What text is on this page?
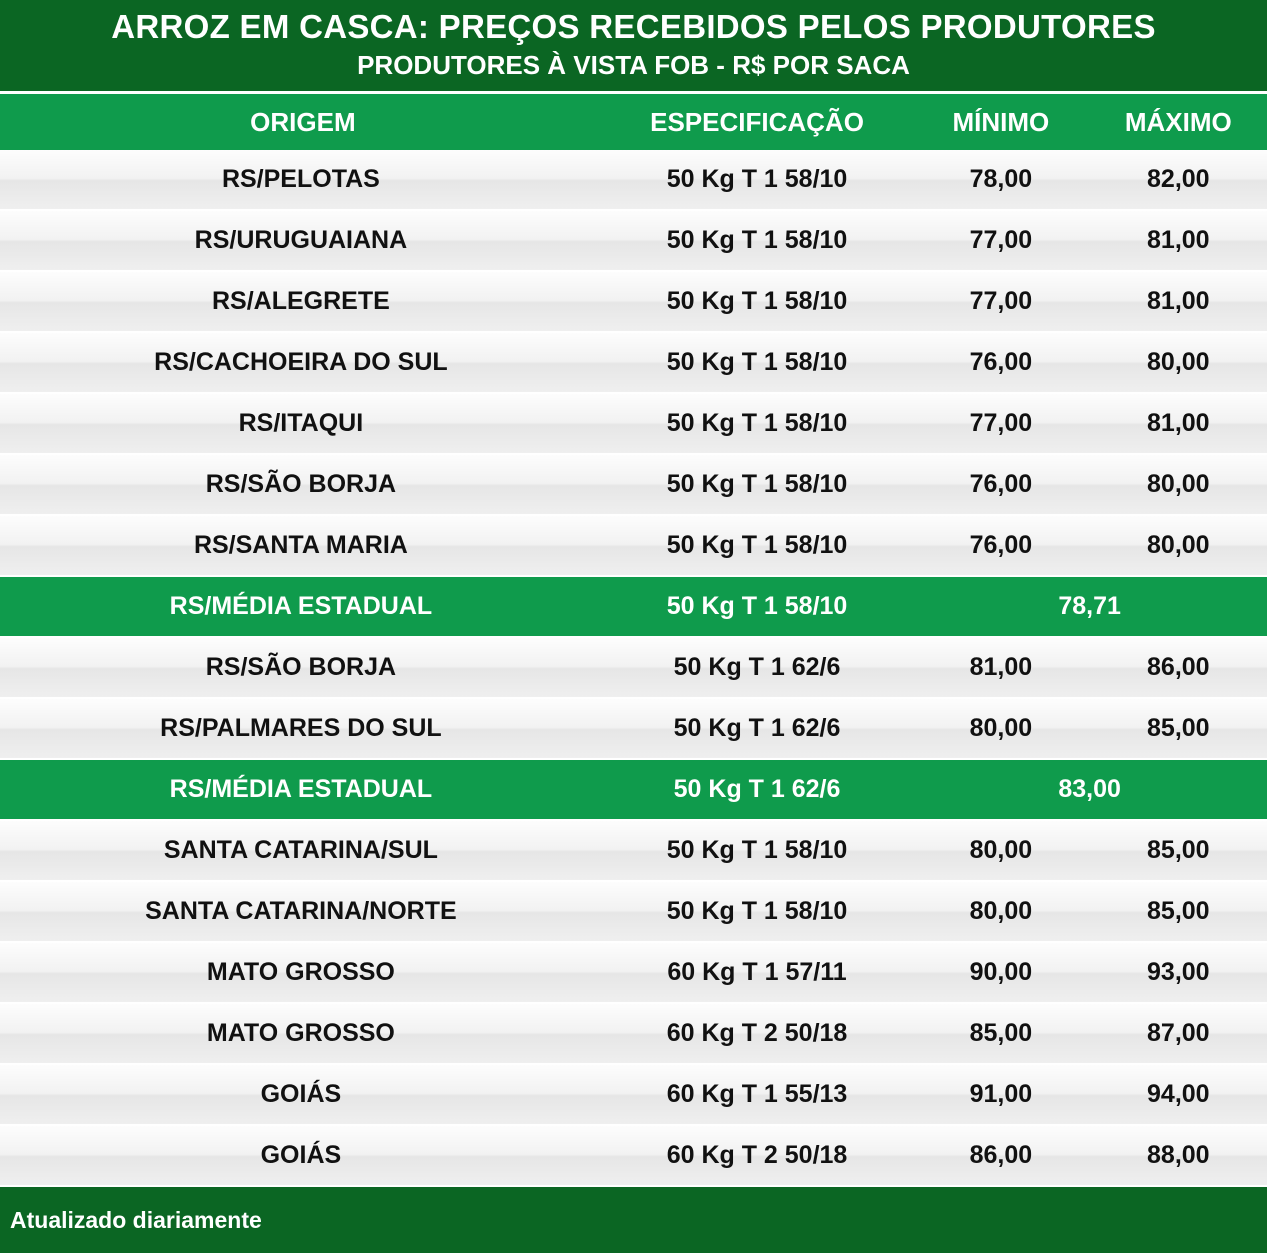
ARROZ EM CASCA: PREÇOS RECEBIDOS PELOS PRODUTORES
PRODUTORES À VISTA FOB - R$ POR SACA
ORIGEM	ESPECIFICAÇÃO	MÍNIMO	MÁXIMO
RS/PELOTAS	50 Kg T 1 58/10	78,00	82,00
RS/URUGUAIANA	50 Kg T 1 58/10	77,00	81,00
RS/ALEGRETE	50 Kg T 1 58/10	77,00	81,00
RS/CACHOEIRA DO SUL	50 Kg T 1 58/10	76,00	80,00
RS/ITAQUI	50 Kg T 1 58/10	77,00	81,00
RS/SÃO BORJA	50 Kg T 1 58/10	76,00	80,00
RS/SANTA MARIA	50 Kg T 1 58/10	76,00	80,00
RS/MÉDIA ESTADUAL	50 Kg T 1 58/10	78,71	
RS/SÃO BORJA	50 Kg T 1 62/6	81,00	86,00
RS/PALMARES DO SUL	50 Kg T 1 62/6	80,00	85,00
RS/MÉDIA ESTADUAL	50 Kg T 1 62/6	83,00	
SANTA CATARINA/SUL	50 Kg T 1 58/10	80,00	85,00
SANTA CATARINA/NORTE	50 Kg T 1 58/10	80,00	85,00
MATO GROSSO	60 Kg T 1 57/11	90,00	93,00
MATO GROSSO	60 Kg T 2 50/18	85,00	87,00
GOIÁS	60 Kg T 1 55/13	91,00	94,00
GOIÁS	60 Kg T 2 50/18	86,00	88,00
Atualizado diariamente
